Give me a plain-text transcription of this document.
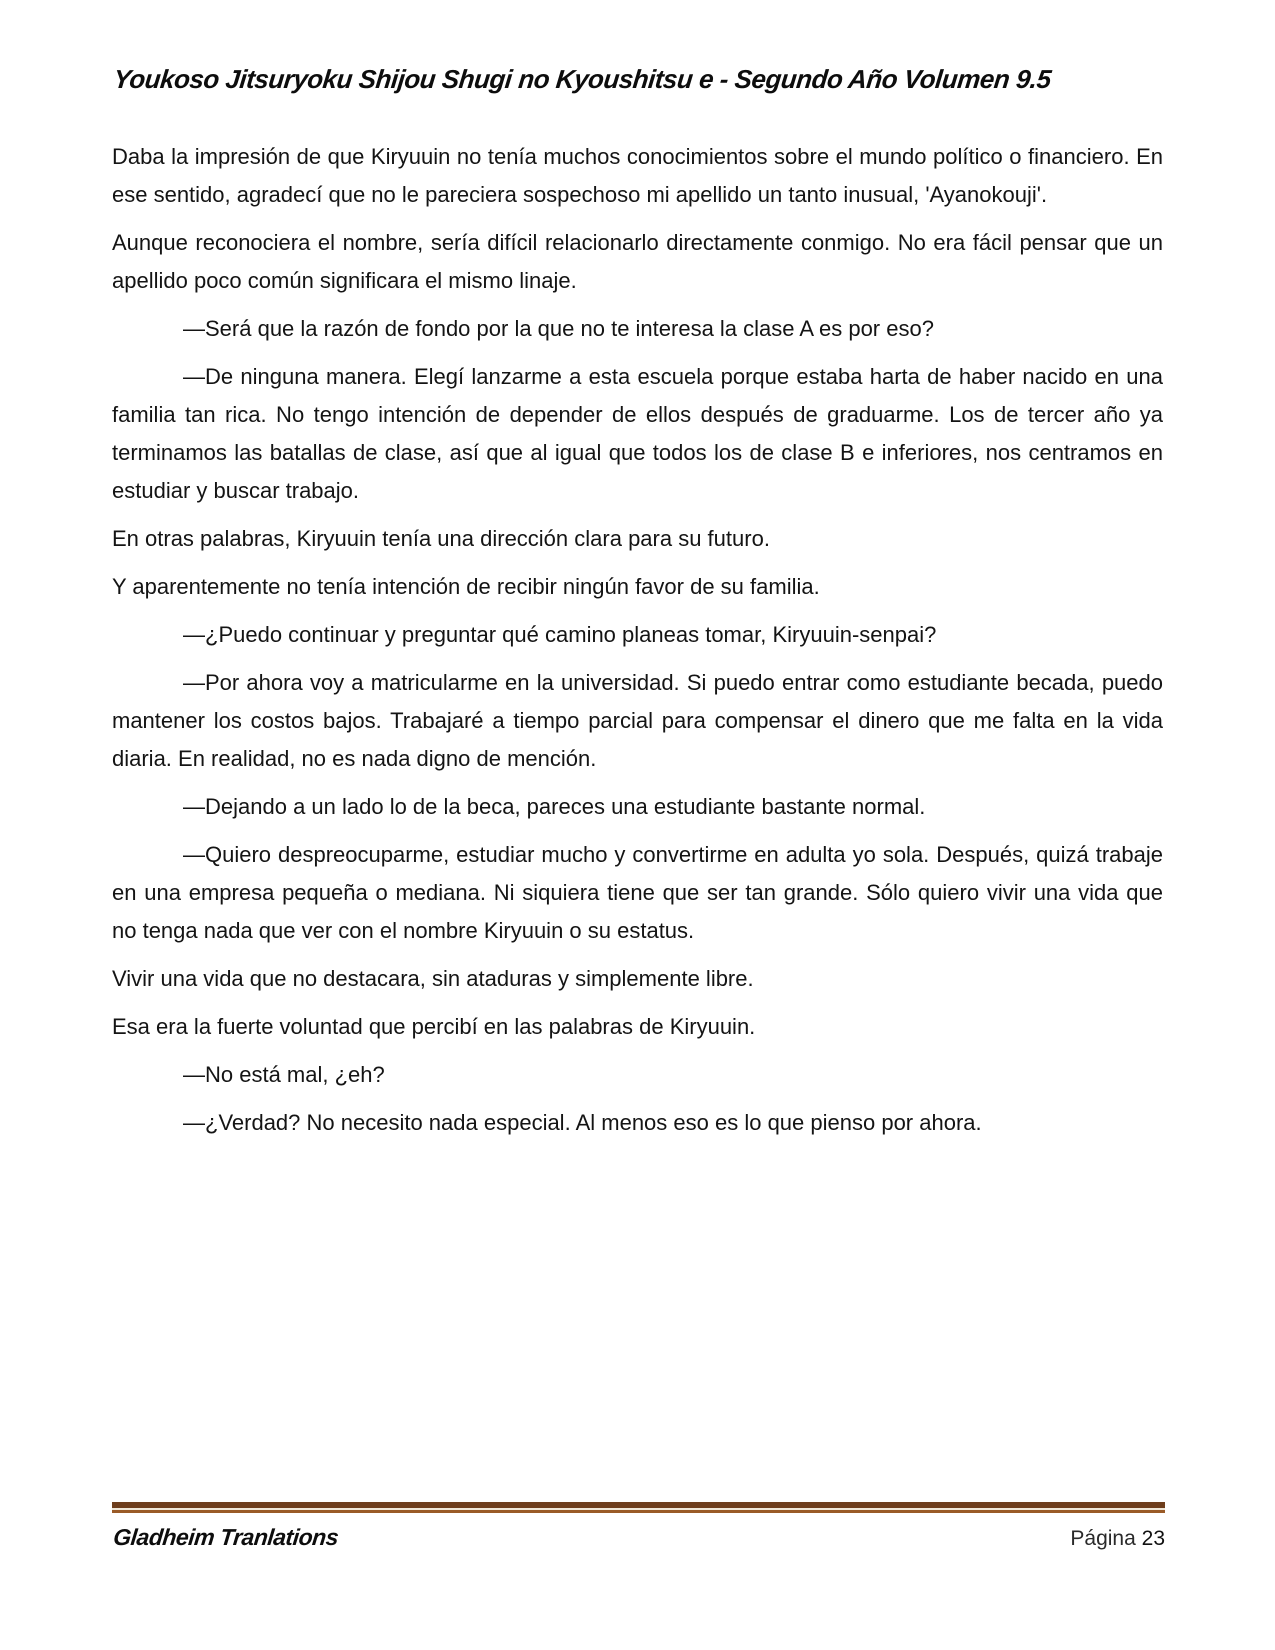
Youkoso Jitsuryoku Shijou Shugi no Kyoushitsu e - Segundo Año Volumen 9.5

Daba la impresión de que Kiryuuin no tenía muchos conocimientos sobre el mundo político o financiero. En ese sentido, agradecí que no le pareciera sospechoso mi apellido un tanto inusual, 'Ayanokouji'.

Aunque reconociera el nombre, sería difícil relacionarlo directamente conmigo. No era fácil pensar que un apellido poco común significara el mismo linaje.

—Será que la razón de fondo por la que no te interesa la clase A es por eso?

—De ninguna manera. Elegí lanzarme a esta escuela porque estaba harta de haber nacido en una familia tan rica. No tengo intención de depender de ellos después de graduarme. Los de tercer año ya terminamos las batallas de clase, así que al igual que todos los de clase B e inferiores, nos centramos en estudiar y buscar trabajo.

En otras palabras, Kiryuuin tenía una dirección clara para su futuro.

Y aparentemente no tenía intención de recibir ningún favor de su familia.

—¿Puedo continuar y preguntar qué camino planeas tomar, Kiryuuin-senpai?

—Por ahora voy a matricularme en la universidad. Si puedo entrar como estudiante becada, puedo mantener los costos bajos. Trabajaré a tiempo parcial para compensar el dinero que me falta en la vida diaria. En realidad, no es nada digno de mención.

—Dejando a un lado lo de la beca, pareces una estudiante bastante normal.

—Quiero despreocuparme, estudiar mucho y convertirme en adulta yo sola. Después, quizá trabaje en una empresa pequeña o mediana. Ni siquiera tiene que ser tan grande. Sólo quiero vivir una vida que no tenga nada que ver con el nombre Kiryuuin o su estatus.

Vivir una vida que no destacara, sin ataduras y simplemente libre.

Esa era la fuerte voluntad que percibí en las palabras de Kiryuuin.

—No está mal, ¿eh?

—¿Verdad? No necesito nada especial. Al menos eso es lo que pienso por ahora.

Gladheim Tranlations	Página 23
